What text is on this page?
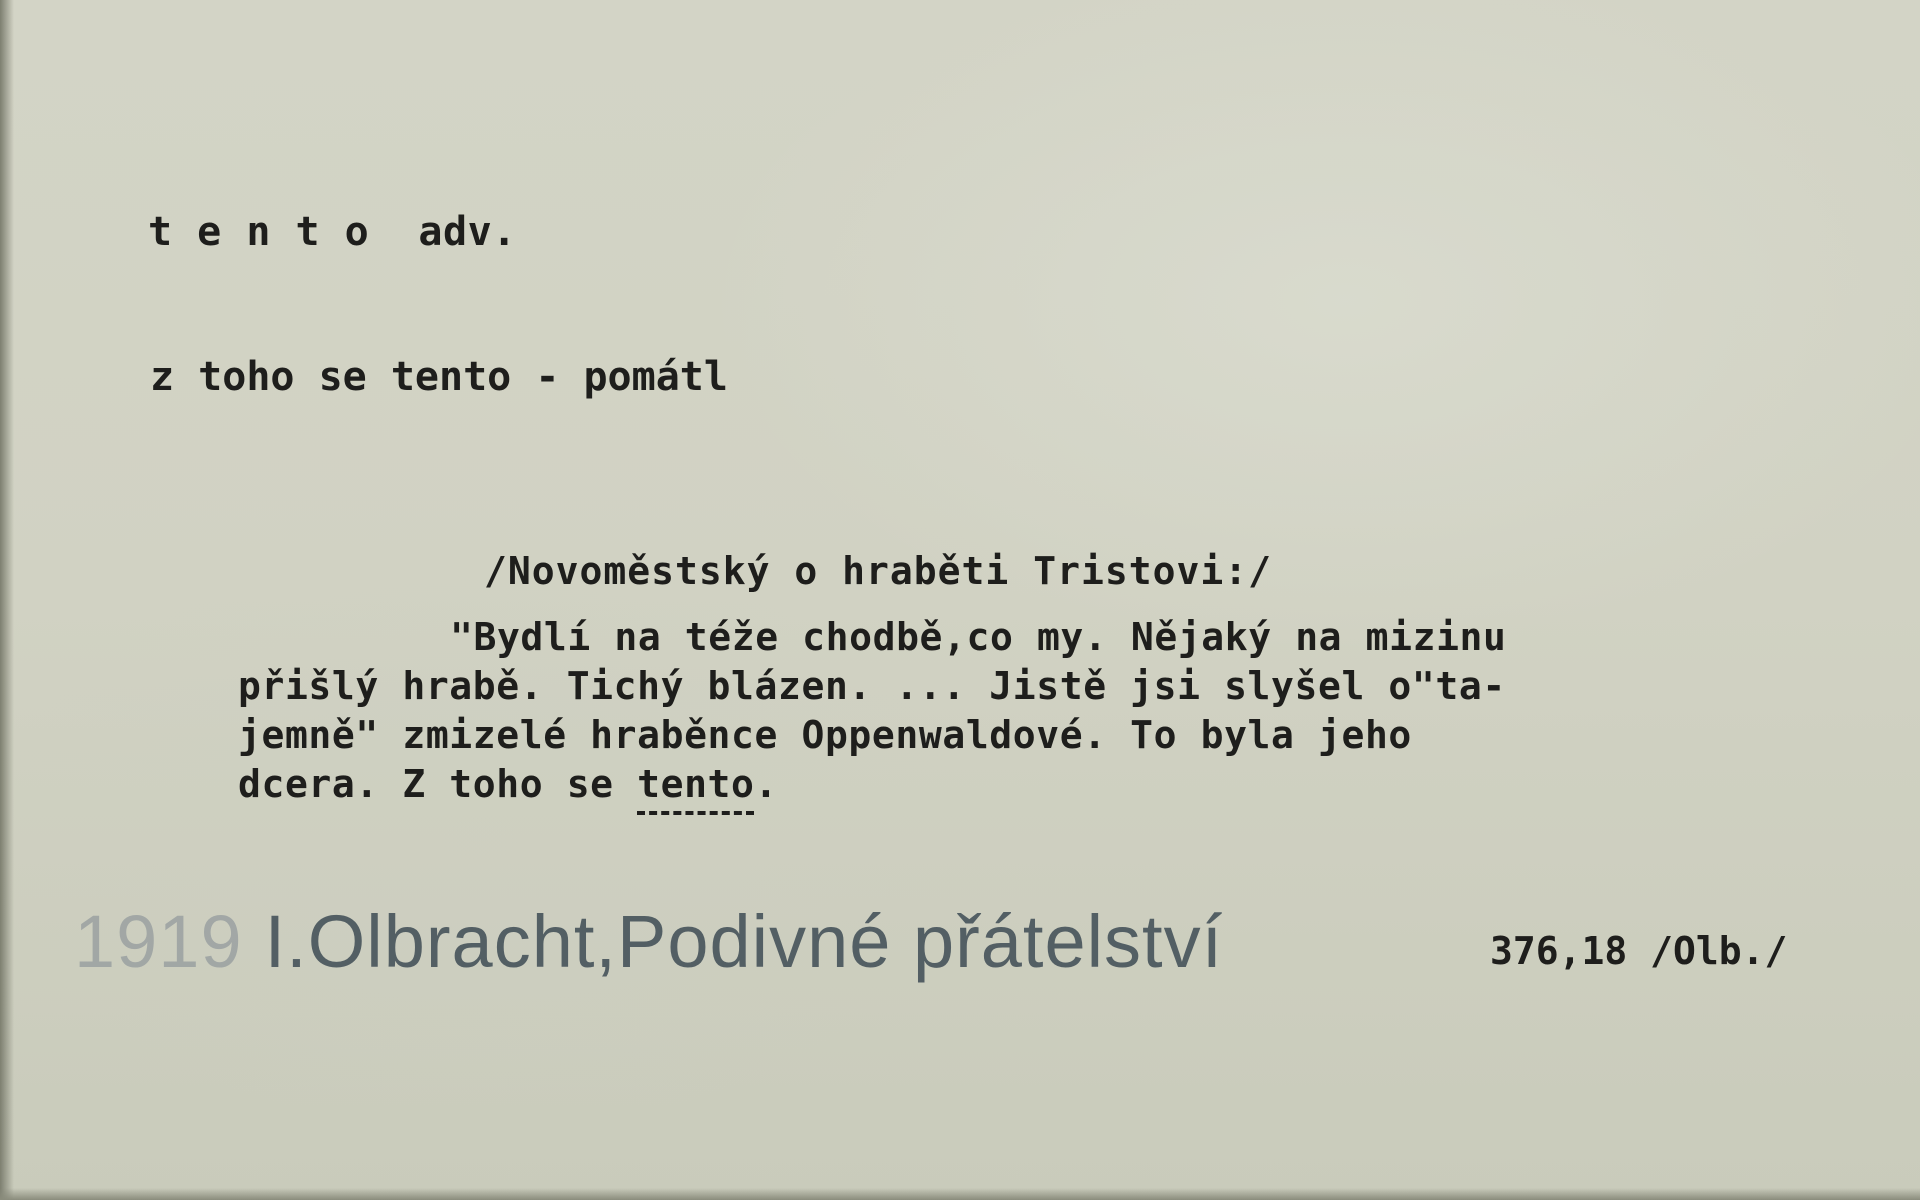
t e n t o  adv.
z toho se tento - pomátl
/Novoměstský o hraběti Tristovi:/
"Bydlí na téže chodbě,co my. Nějaký na mizinu
přišlý hrabě. Tichý blázen. ... Jistě jsi slyšel o"ta-
jemně" zmizelé hraběnce Oppenwaldové. To byla jeho
dcera. Z toho se tento.
1919 I.Olbracht,Podivné přátelství	376,18 /Olb./
